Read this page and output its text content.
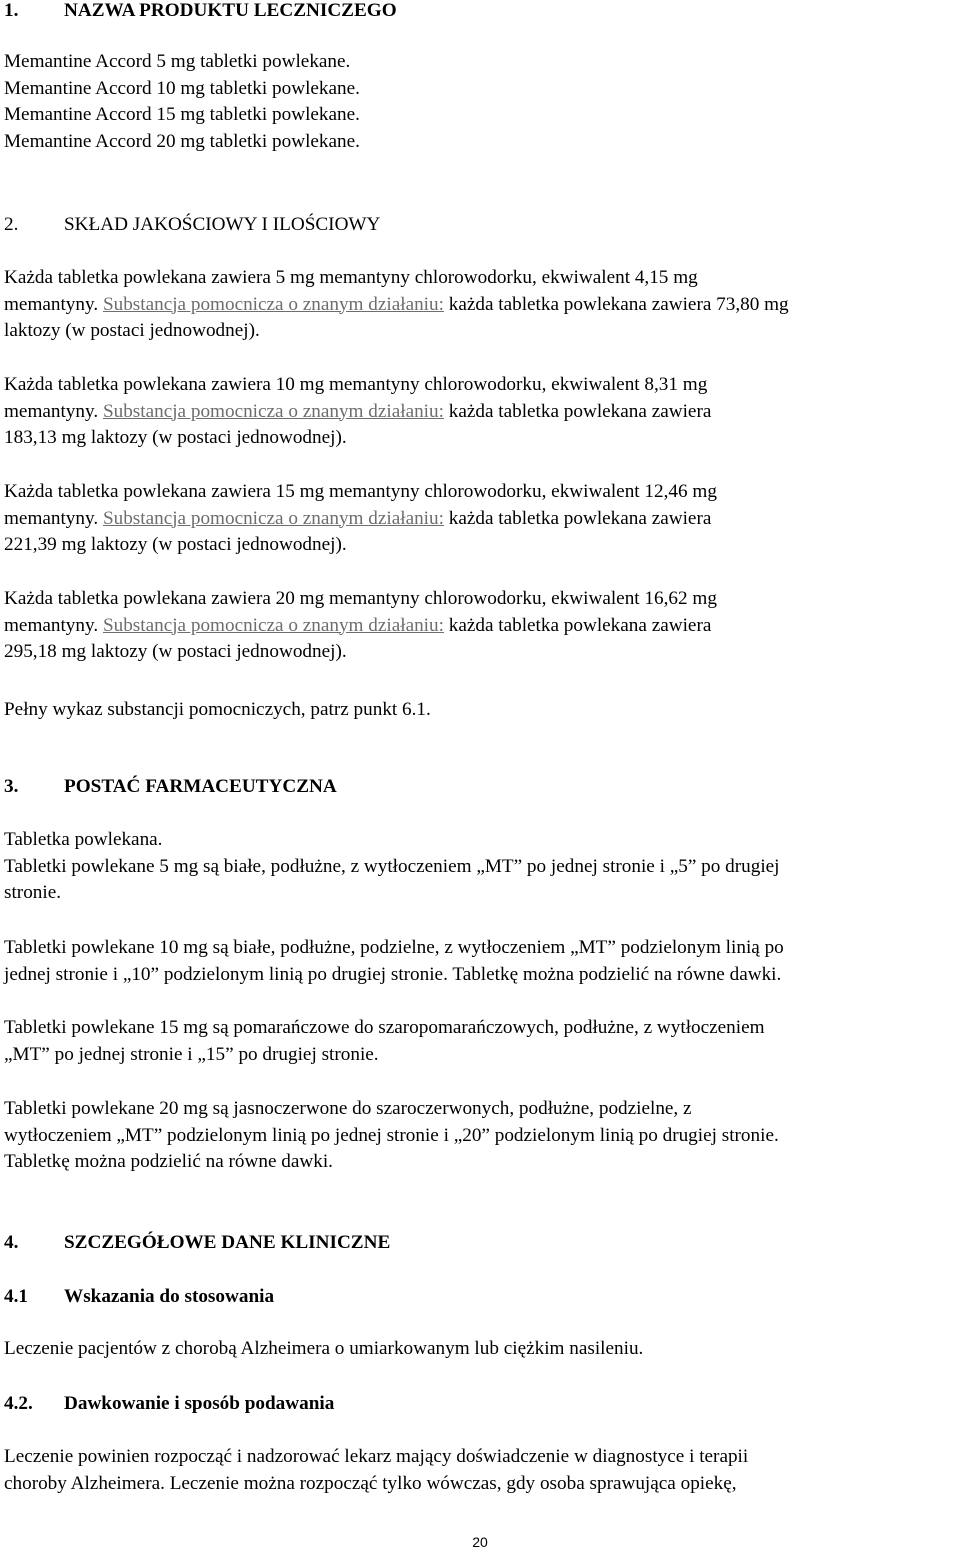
1. NAZWA PRODUKTU LECZNICZEGO
Memantine Accord 5 mg tabletki powlekane.
Memantine Accord 10 mg tabletki powlekane.
Memantine Accord 15 mg tabletki powlekane.
Memantine Accord 20 mg tabletki powlekane.
2. SKŁAD JAKOŚCIOWY I ILOŚCIOWY
Każda tabletka powlekana zawiera 5 mg memantyny chlorowodorku, ekwiwalent 4,15 mg
memantyny. Substancja pomocnicza o znanym działaniu: każda tabletka powlekana zawiera 73,80 mg
laktozy (w postaci jednowodnej).
Każda tabletka powlekana zawiera 10 mg memantyny chlorowodorku, ekwiwalent 8,31 mg
memantyny. Substancja pomocnicza o znanym działaniu: każda tabletka powlekana zawiera
183,13 mg laktozy (w postaci jednowodnej).
Każda tabletka powlekana zawiera 15 mg memantyny chlorowodorku, ekwiwalent 12,46 mg
memantyny. Substancja pomocnicza o znanym działaniu: każda tabletka powlekana zawiera
221,39 mg laktozy (w postaci jednowodnej).
Każda tabletka powlekana zawiera 20 mg memantyny chlorowodorku, ekwiwalent 16,62 mg
memantyny. Substancja pomocnicza o znanym działaniu: każda tabletka powlekana zawiera
295,18 mg laktozy (w postaci jednowodnej).
Pełny wykaz substancji pomocniczych, patrz punkt 6.1.
3. POSTAĆ FARMACEUTYCZNA
Tabletka powlekana.
Tabletki powlekane 5 mg są białe, podłużne, z wytłoczeniem „MT” po jednej stronie i „5” po drugiej
stronie.
Tabletki powlekane 10 mg są białe, podłużne, podzielne, z wytłoczeniem „MT” podzielonym linią po
jednej stronie i „10” podzielonym linią po drugiej stronie. Tabletkę można podzielić na równe dawki.
Tabletki powlekane 15 mg są pomarańczowe do szaropomarańczowych, podłużne, z wytłoczeniem
„MT” po jednej stronie i „15” po drugiej stronie.
Tabletki powlekane 20 mg są jasnoczerwone do szaroczerwonych, podłużne, podzielne, z
wytłoczeniem „MT” podzielonym linią po jednej stronie i „20” podzielonym linią po drugiej stronie.
Tabletkę można podzielić na równe dawki.
4. SZCZEGÓŁOWE DANE KLINICZNE
4.1 Wskazania do stosowania
Leczenie pacjentów z chorobą Alzheimera o umiarkowanym lub ciężkim nasileniu.
4.2. Dawkowanie i sposób podawania
Leczenie powinien rozpocząć i nadzorować lekarz mający doświadczenie w diagnostyce i terapii
choroby Alzheimera. Leczenie można rozpocząć tylko wówczas, gdy osoba sprawująca opiekę,
20
